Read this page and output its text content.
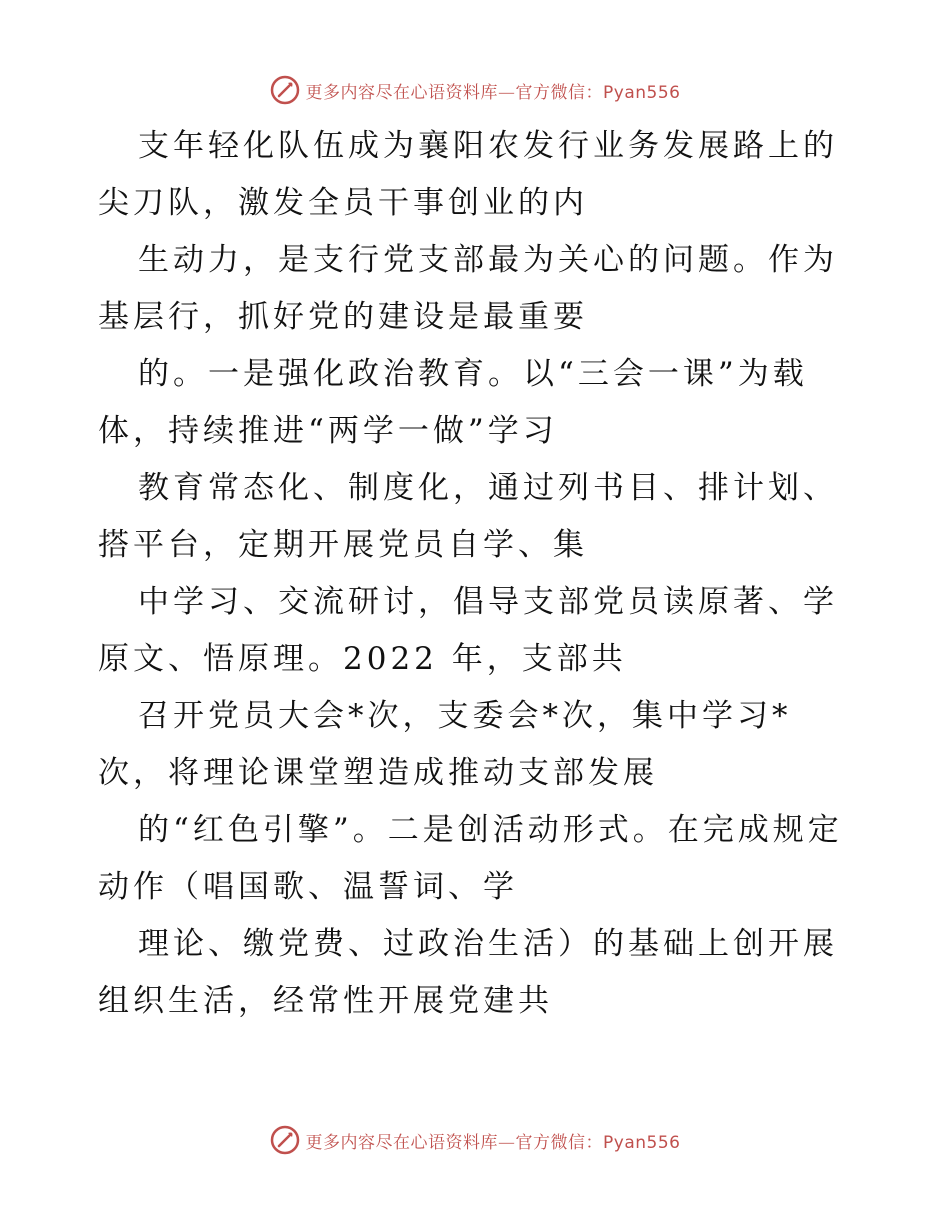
更多内容尽在心语资料库—官方微信：Pyan556

支年轻化队伍成为襄阳农发行业务发展路上的尖刀队，激发全员干事创业的内

生动力，是支行党支部最为关心的问题。作为基层行，抓好党的建设是最重要

的。一是强化政治教育。以“三会一课”为载体，持续推进“两学一做”学习

教育常态化、制度化，通过列书目、排计划、搭平台，定期开展党员自学、集

中学习、交流研讨，倡导支部党员读原著、学原文、悟原理。2022 年，支部共

召开党员大会*次，支委会*次，集中学习*次，将理论课堂塑造成推动支部发展

的“红色引擎”。二是创活动形式。在完成规定动作（唱国歌、温誓词、学

理论、缴党费、过政治生活）的基础上创开展组织生活，经常性开展党建共

更多内容尽在心语资料库—官方微信：Pyan556
